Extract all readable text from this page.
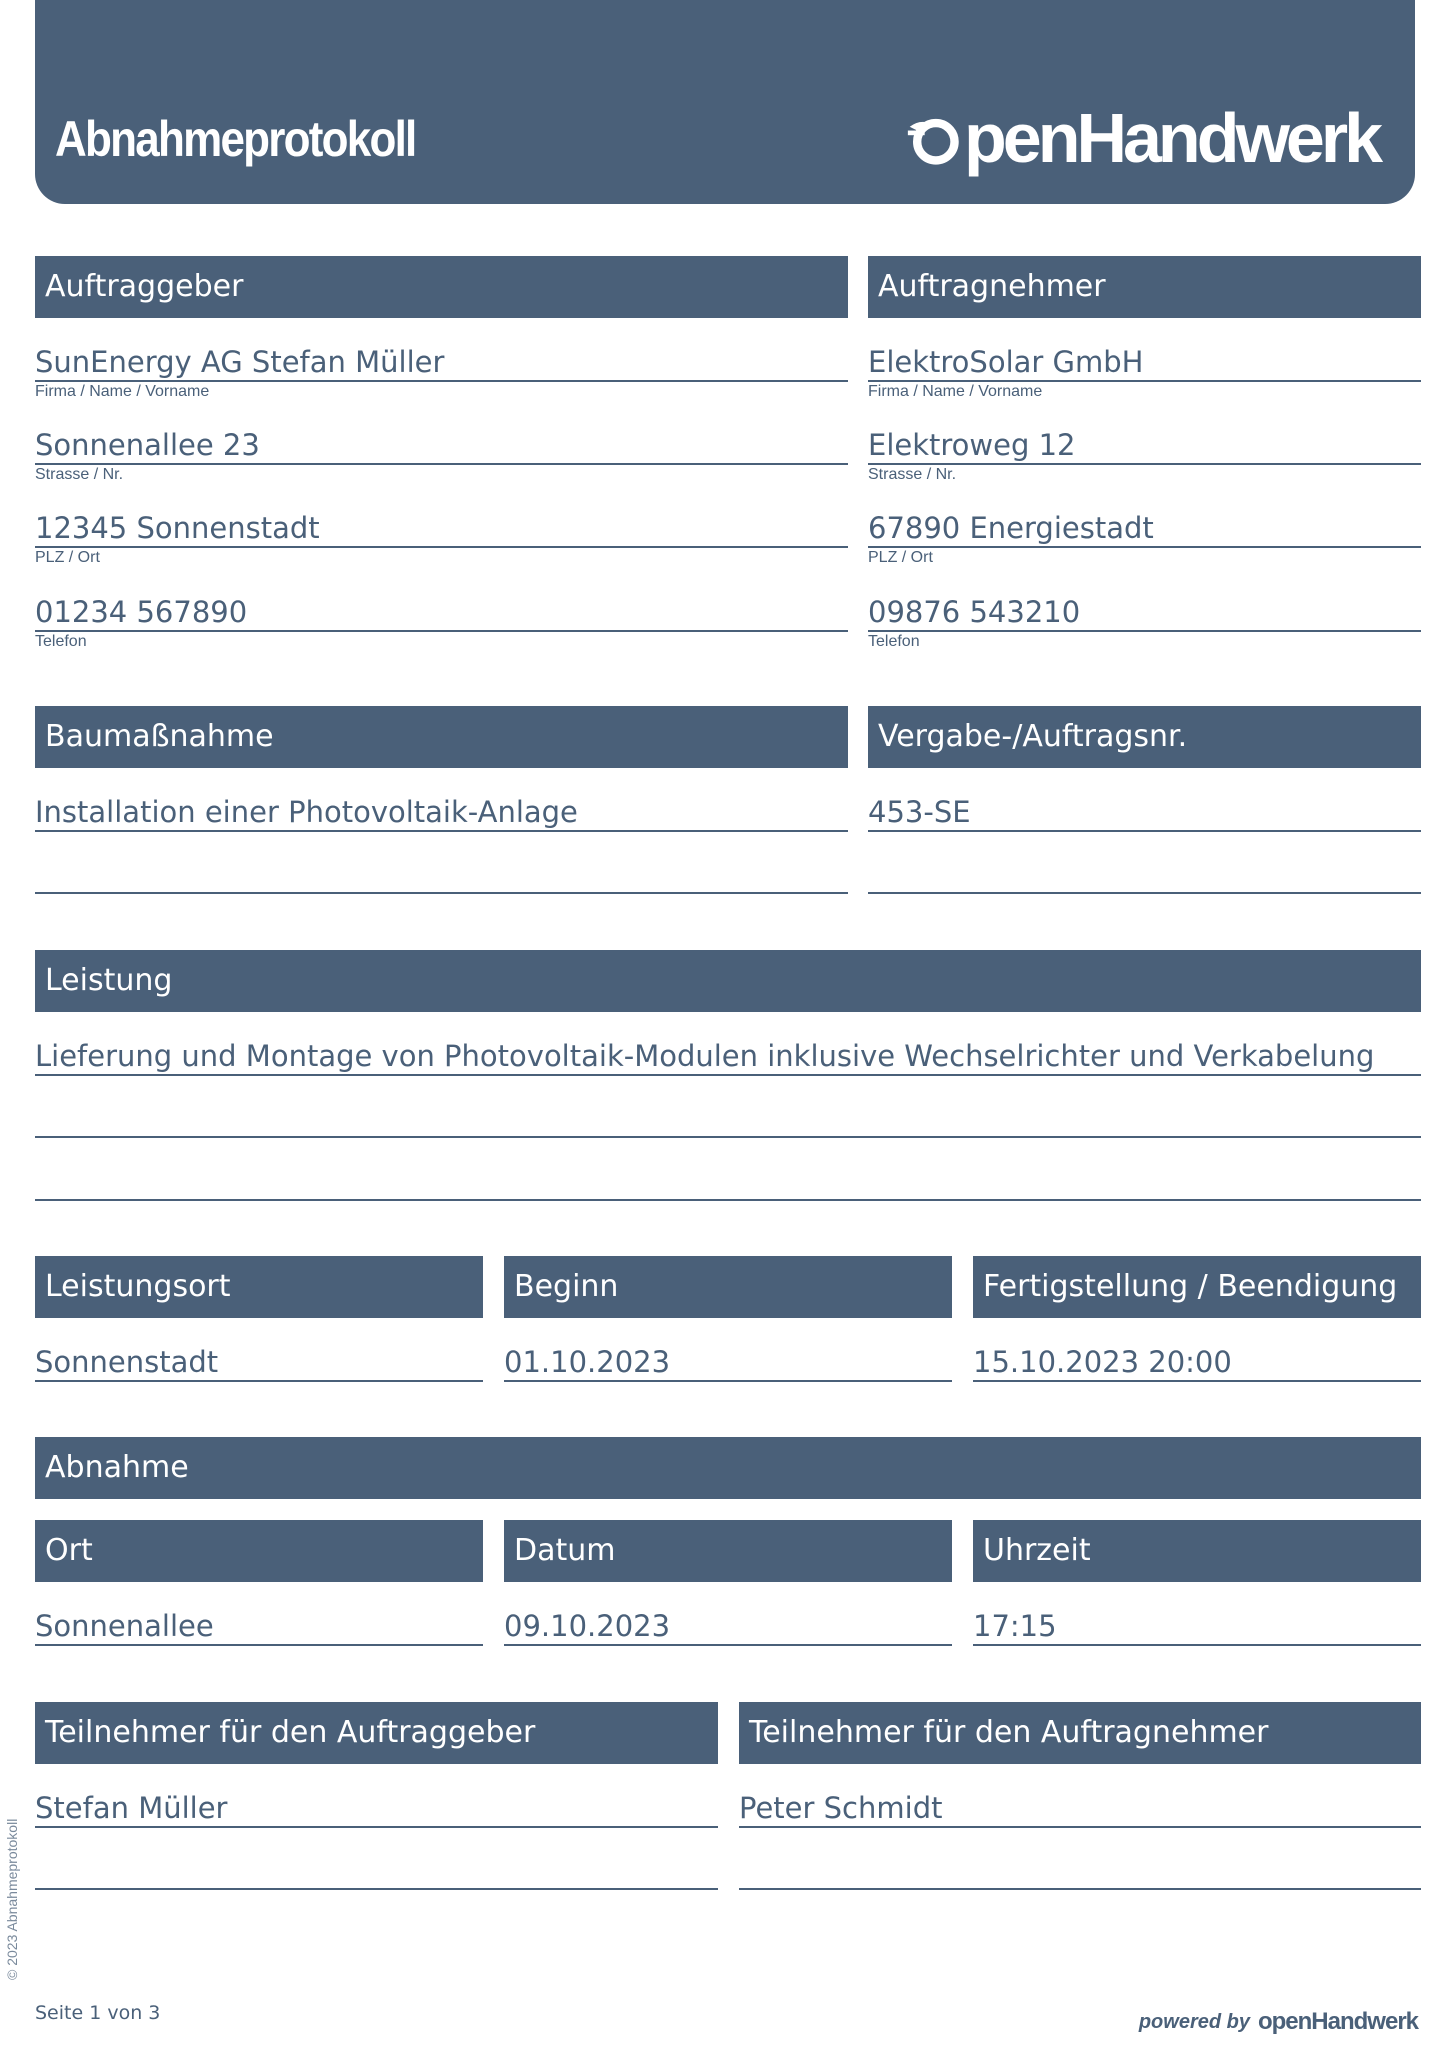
Abnahmeprotokoll	penHandwerk
Auftraggeber
SunEnergy AG Stefan Müller
Firma / Name / Vorname
Sonnenallee 23
Strasse / Nr.
12345 Sonnenstadt
PLZ / Ort
01234 567890
Telefon
Auftragnehmer
ElektroSolar GmbH
Firma / Name / Vorname
Elektroweg 12
Strasse / Nr.
67890 Energiestadt
PLZ / Ort
09876 543210
Telefon
Baumaßnahme
Installation einer Photovoltaik-Anlage
Vergabe-/Auftragsnr.
453-SE
Leistung
Lieferung und Montage von Photovoltaik-Modulen inklusive Wechselrichter und Verkabelung
Leistungsort
Sonnenstadt
Beginn
01.10.2023
Fertigstellung / Beendigung
15.10.2023 20:00
Abnahme
Ort
Sonnenallee
Datum
09.10.2023
Uhrzeit
17:15
Teilnehmer für den Auftraggeber
Stefan Müller
Teilnehmer für den Auftragnehmer
Peter Schmidt
© 2023 Abnahmeprotokoll
Seite 1 von 3	powered by openHandwerk
